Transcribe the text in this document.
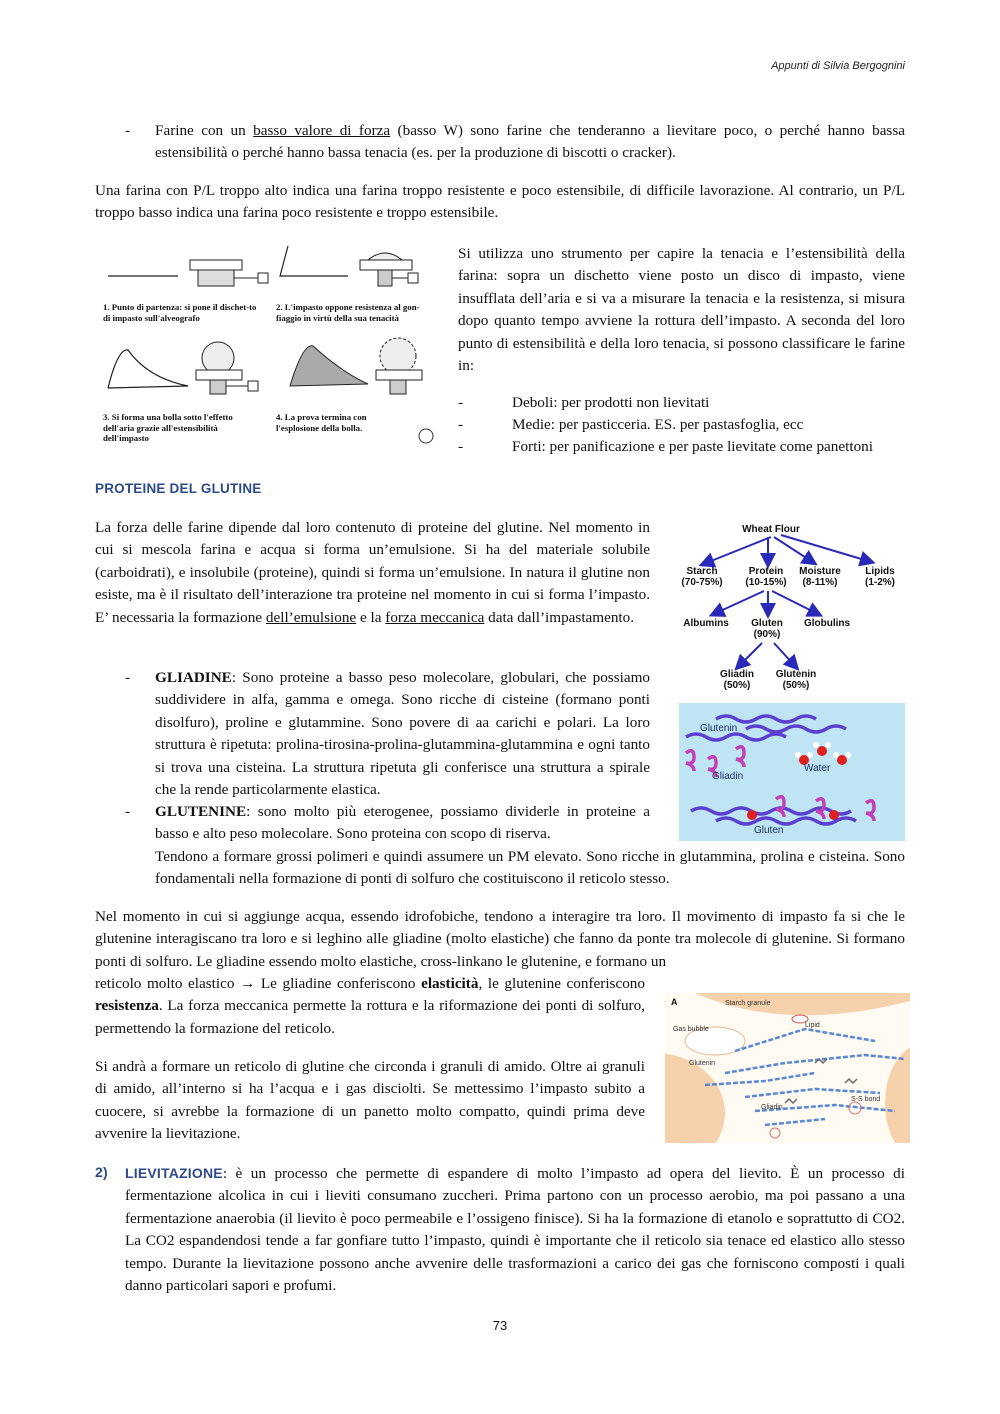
Appunti di Silvia Bergognini
- Farine con un basso valore di forza (basso W) sono farine che tenderanno a lievitare poco, o perché hanno bassa estensibilità o perché hanno bassa tenacia (es. per la produzione di biscotti o cracker).
Una farina con P/L troppo alto indica una farina troppo resistente e poco estensibile, di difficile lavorazione. Al contrario, un P/L troppo basso indica una farina poco resistente e troppo estensibile.
1. Punto di partenza: si pone il dischet-to di impasto sull'alveografo
2. L'impasto oppone resistenza al gon-fiaggio in virtù della sua tenacità
3. Si forma una bolla sotto l'effetto dell'aria grazie all'estensibilità dell'impasto
4. La prova termina con l'esplosione della bolla.
Si utilizza uno strumento per capire la tenacia e l’estensibilità della farina: sopra un dischetto viene posto un disco di impasto, viene insufflata dell’aria e si va a misurare la tenacia e la resistenza, si misura dopo quanto tempo avviene la rottura dell’impasto. A seconda del loro punto di estensibilità e della loro tenacia, si possono classificare le farine in:
-	Deboli: per prodotti non lievitati
-	Medie: per pasticceria. ES. per pastasfoglia, ecc
-	Forti: per panificazione e per paste lievitate come panettoni
PROTEINE DEL GLUTINE
La forza delle farine dipende dal loro contenuto di proteine del glutine. Nel momento in cui si mescola farina e acqua si forma un’emulsione. Si ha del materiale solubile (carboidrati), e insolubile (proteine), quindi si forma un’emulsione. In natura il glutine non esiste, ma è il risultato dell’interazione tra proteine nel momento in cui si forma l’impasto. E’ necessaria la formazione dell’emulsione e la forza meccanica data dall’impastamento.
- GLIADINE: Sono proteine a basso peso molecolare, globulari, che possiamo suddividere in alfa, gamma e omega. Sono ricche di cisteine (formano ponti disolfuro), proline e glutammine. Sono povere di aa carichi e polari. La loro struttura è ripetuta: prolina-tirosina-prolina-glutammina-glutammina e ogni tanto si trova una cisteina. La struttura ripetuta gli conferisce una struttura a spirale che la rende particolarmente elastica.
- GLUTENINE: sono molto più eterogenee, possiamo dividerle in proteine a basso e alto peso molecolare. Sono proteina con scopo di riserva.
Tendono a formare grossi polimeri e quindi assumere un PM elevato. Sono ricche in glutammina, prolina e cisteina. Sono fondamentali nella formazione di ponti di solfuro che costituiscono il reticolo stesso.
Wheat Flour
Starch
(70-75%)
Protein
(10-15%)
Moisture
(8-11%)
Lipids
(1-2%)
Albumins Gluten
(90%)
Globulins
Gliadin
(50%)
Glutenin
(50%)
Glutenin
Gliadin
Water
Gluten
Nel momento in cui si aggiunge acqua, essendo idrofobiche, tendono a interagire tra loro. Il movimento di impasto fa si che le glutenine interagiscano tra loro e si leghino alle gliadine (molto elastiche) che fanno da ponte tra molecole di glutenine. Si formano ponti di solfuro. Le gliadine essendo molto elastiche, cross-linkano le glutenine, e formano un
reticolo molto elastico → Le gliadine conferiscono elasticità, le glutenine conferiscono resistenza. La forza meccanica permette la rottura e la riformazione dei ponti di solfuro, permettendo la formazione del reticolo.
Si andrà a formare un reticolo di glutine che circonda i granuli di amido. Oltre ai granuli di amido, all’interno si ha l’acqua e i gas disciolti. Se mettessimo l’impasto subito a cuocere, si avrebbe la formazione di un panetto molto compatto, quindi prima deve avvenire la lievitazione.
A	Starch granule
Lipid
Gas bubble
Glutenin
Gliadin
S-S bond
2) LIEVITAZIONE: è un processo che permette di espandere di molto l’impasto ad opera del lievito. È un processo di fermentazione alcolica in cui i lieviti consumano zuccheri. Prima partono con un processo aerobio, ma poi passano a una fermentazione anaerobia (il lievito è poco permeabile e l’ossigeno finisce). Si ha la formazione di etanolo e soprattutto di CO2. La CO2 espandendosi tende a far gonfiare tutto l’impasto, quindi è importante che il reticolo sia tenace ed elastico allo stesso tempo. Durante la lievitazione possono anche avvenire delle trasformazioni a carico dei gas che forniscono composti i quali danno particolari sapori e profumi.
73
